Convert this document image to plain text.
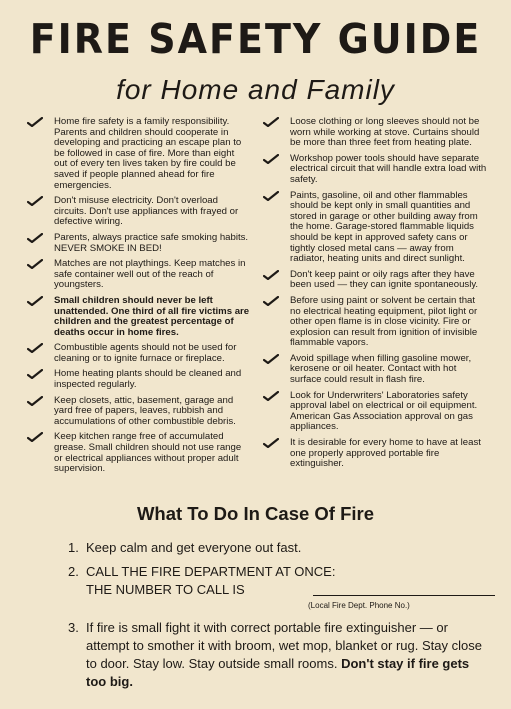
FIRE SAFETY GUIDE
for Home and Family
Home fire safety is a family responsibility. Parents and children should cooperate in developing and practicing an escape plan to be followed in case of fire. More than eight out of every ten lives taken by fire could be saved if people planned ahead for fire emergencies.
Don't misuse electricity. Don't overload circuits. Don't use appliances with frayed or defective wiring.
Parents, always practice safe smoking habits. NEVER SMOKE IN BED!
Matches are not playthings. Keep matches in safe container well out of the reach of youngsters.
Small children should never be left unattended. One third of all fire victims are children and the greatest percentage of deaths occur in home fires.
Combustible agents should not be used for cleaning or to ignite furnace or fireplace.
Home heating plants should be cleaned and inspected regularly.
Keep closets, attic, basement, garage and yard free of papers, leaves, rubbish and accumulations of other combustible debris.
Keep kitchen range free of accumulated grease. Small children should not use range or electrical appliances without proper adult supervision.
Loose clothing or long sleeves should not be worn while working at stove. Curtains should be more than three feet from heating plate.
Workshop power tools should have separate electrical circuit that will handle extra load with safety.
Paints, gasoline, oil and other flammables should be kept only in small quantities and stored in garage or other building away from the home. Garage-stored flammable liquids should be kept in approved safety cans or tightly closed metal cans — away from radiator, heating units and direct sunlight.
Don't keep paint or oily rags after they have been used — they can ignite spontaneously.
Before using paint or solvent be certain that no electrical heating equipment, pilot light or other open flame is in close vicinity. Fire or explosion can result from ignition of invisible flammable vapors.
Avoid spillage when filling gasoline mower, kerosene or oil heater. Contact with hot surface could result in flash fire.
Look for Underwriters' Laboratories safety approval label on electrical or oil equipment. American Gas Association approval on gas appliances.
It is desirable for every home to have at least one properly approved portable fire extinguisher.
What To Do In Case Of Fire
1. Keep calm and get everyone out fast.
2. CALL THE FIRE DEPARTMENT AT ONCE:
THE NUMBER TO CALL IS
(Local Fire Dept. Phone No.)
3. If fire is small fight it with correct portable fire extinguisher — or attempt to smother it with broom, wet mop, blanket or rug. Stay close to door. Stay low. Stay outside small rooms. Don't stay if fire gets too big.
